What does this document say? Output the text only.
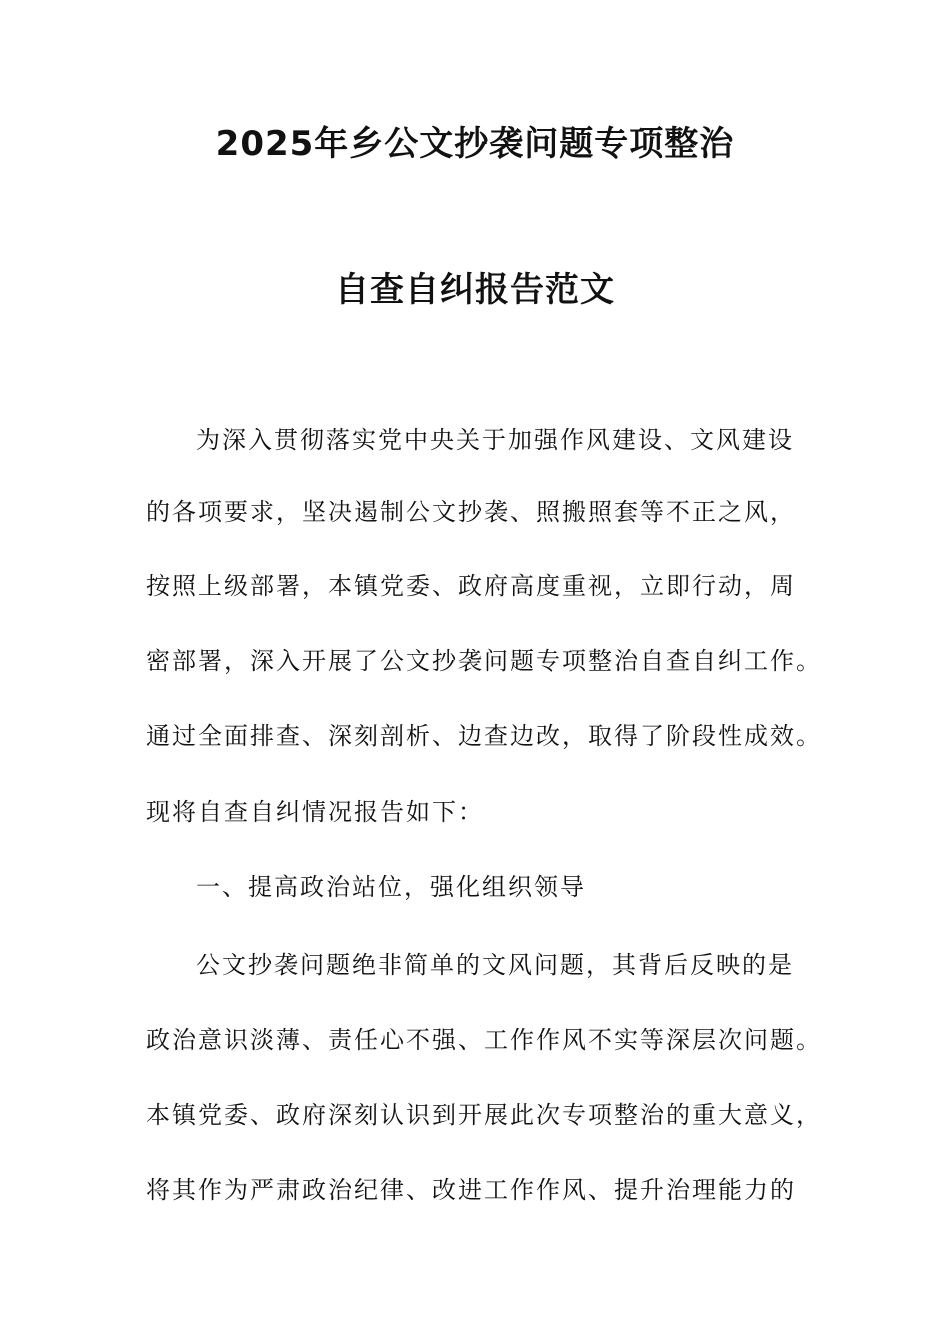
2025年乡公文抄袭问题专项整治
自查自纠报告范文

为深入贯彻落实党中央关于加强作风建设、文风建设

的各项要求，坚决遏制公文抄袭、照搬照套等不正之风，

按照上级部署，本镇党委、政府高度重视，立即行动，周

密部署，深入开展了公文抄袭问题专项整治自查自纠工作。

通过全面排查、深刻剖析、边查边改，取得了阶段性成效。

现将自查自纠情况报告如下：

一、提高政治站位，强化组织领导

公文抄袭问题绝非简单的文风问题，其背后反映的是

政治意识淡薄、责任心不强、工作作风不实等深层次问题。

本镇党委、政府深刻认识到开展此次专项整治的重大意义，

将其作为严肃政治纪律、改进工作作风、提升治理能力的
